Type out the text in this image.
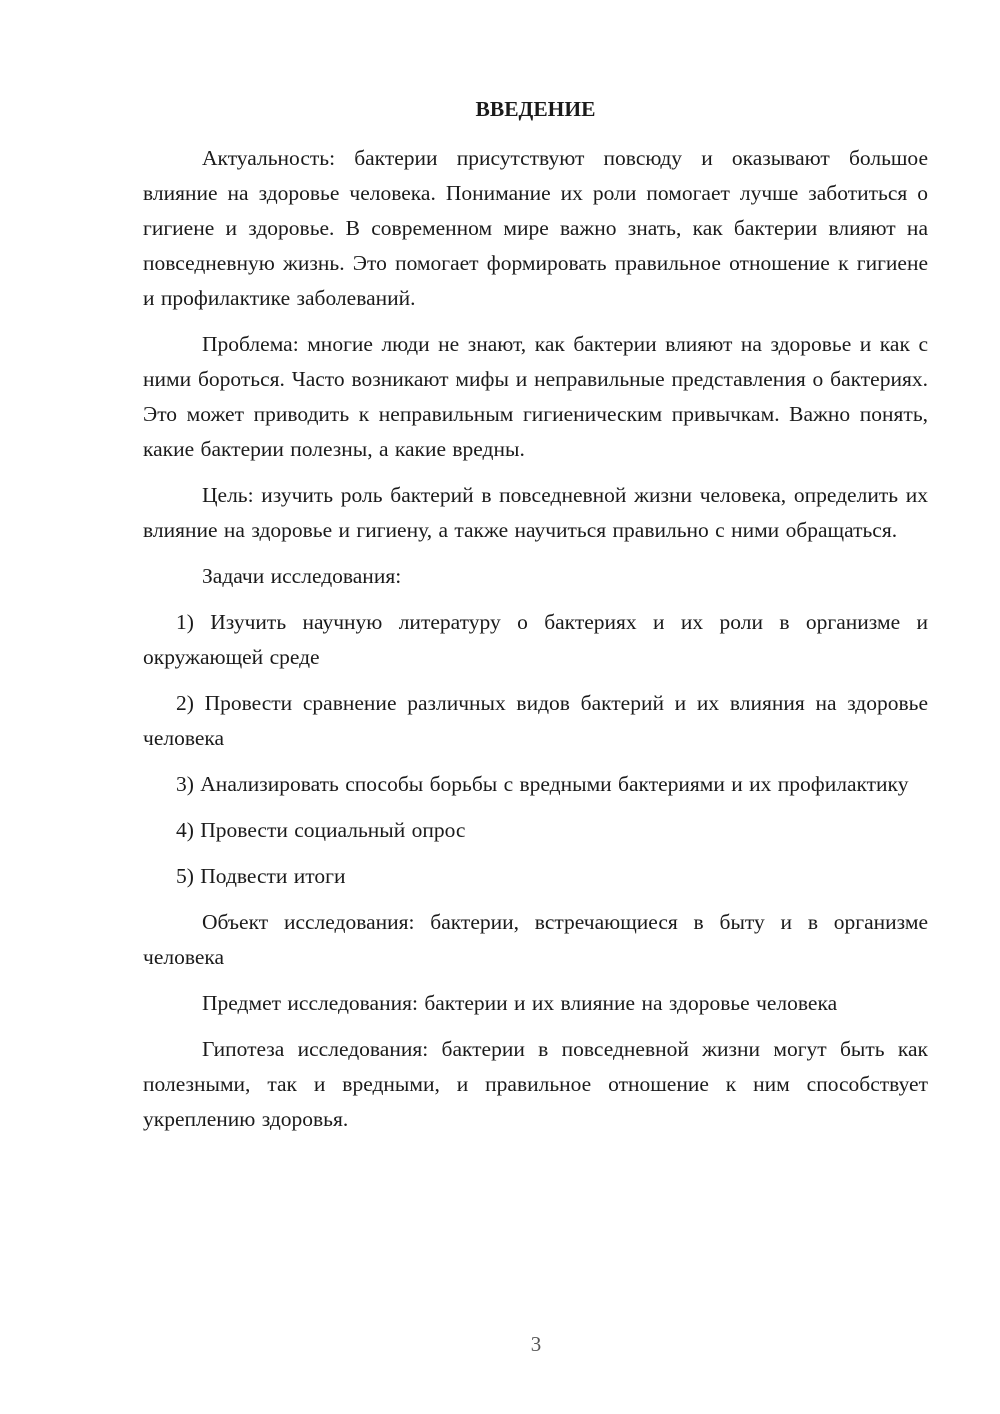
ВВЕДЕНИЕ

Актуальность: бактерии присутствуют повсюду и оказывают большое влияние на здоровье человека. Понимание их роли помогает лучше заботиться о гигиене и здоровье. В современном мире важно знать, как бактерии влияют на повседневную жизнь. Это помогает формировать правильное отношение к гигиене и профилактике заболеваний.

Проблема: многие люди не знают, как бактерии влияют на здоровье и как с ними бороться. Часто возникают мифы и неправильные представления о бактериях. Это может приводить к неправильным гигиеническим привычкам. Важно понять, какие бактерии полезны, а какие вредны.

Цель: изучить роль бактерий в повседневной жизни человека, определить их влияние на здоровье и гигиену, а также научиться правильно с ними обращаться.

Задачи исследования:

1) Изучить научную литературу о бактериях и их роли в организме и окружающей среде

2) Провести сравнение различных видов бактерий и их влияния на здоровье человека

3) Анализировать способы борьбы с вредными бактериями и их профилактику

4) Провести социальный опрос

5) Подвести итоги

Объект исследования: бактерии, встречающиеся в быту и в организме человека

Предмет исследования: бактерии и их влияние на здоровье человека

Гипотеза исследования: бактерии в повседневной жизни могут быть как полезными, так и вредными, и правильное отношение к ним способствует укреплению здоровья.

3
